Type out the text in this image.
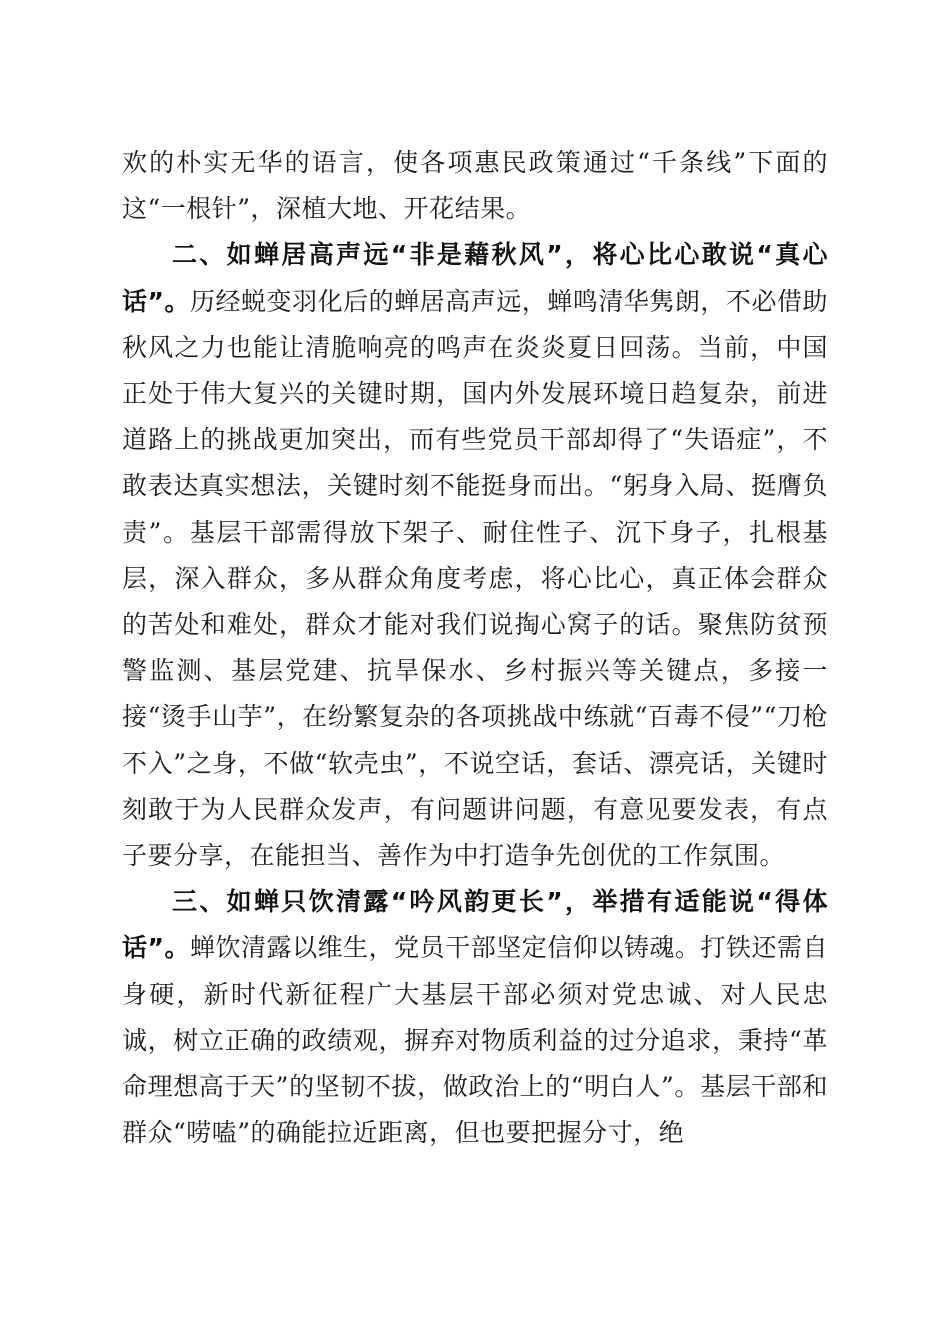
欢的朴实无华的语言，使各项惠民政策通过“千条线”下面的这“一根针”，深植大地、开花结果。

二、如蝉居高声远“非是藉秋风”，将心比心敢说“真心话”。历经蜕变羽化后的蝉居高声远，蝉鸣清华隽朗，不必借助秋风之力也能让清脆响亮的鸣声在炎炎夏日回荡。当前，中国正处于伟大复兴的关键时期，国内外发展环境日趋复杂，前进道路上的挑战更加突出，而有些党员干部却得了“失语症”，不敢表达真实想法，关键时刻不能挺身而出。“躬身入局、挺膺负责”。基层干部需得放下架子、耐住性子、沉下身子，扎根基层，深入群众，多从群众角度考虑，将心比心，真正体会群众的苦处和难处，群众才能对我们说掏心窝子的话。聚焦防贫预警监测、基层党建、抗旱保水、乡村振兴等关键点，多接一接“烫手山芋”，在纷繁复杂的各项挑战中练就“百毒不侵”“刀枪不入”之身，不做“软壳虫”，不说空话，套话、漂亮话，关键时刻敢于为人民群众发声，有问题讲问题，有意见要发表，有点子要分享，在能担当、善作为中打造争先创优的工作氛围。

三、如蝉只饮清露“吟风韵更长”，举措有适能说“得体话”。蝉饮清露以维生，党员干部坚定信仰以铸魂。打铁还需自身硬，新时代新征程广大基层干部必须对党忠诚、对人民忠诚，树立正确的政绩观，摒弃对物质利益的过分追求，秉持“革命理想高于天”的坚韧不拔，做政治上的“明白人”。基层干部和群众“唠嗑”的确能拉近距离，但也要把握分寸，绝
